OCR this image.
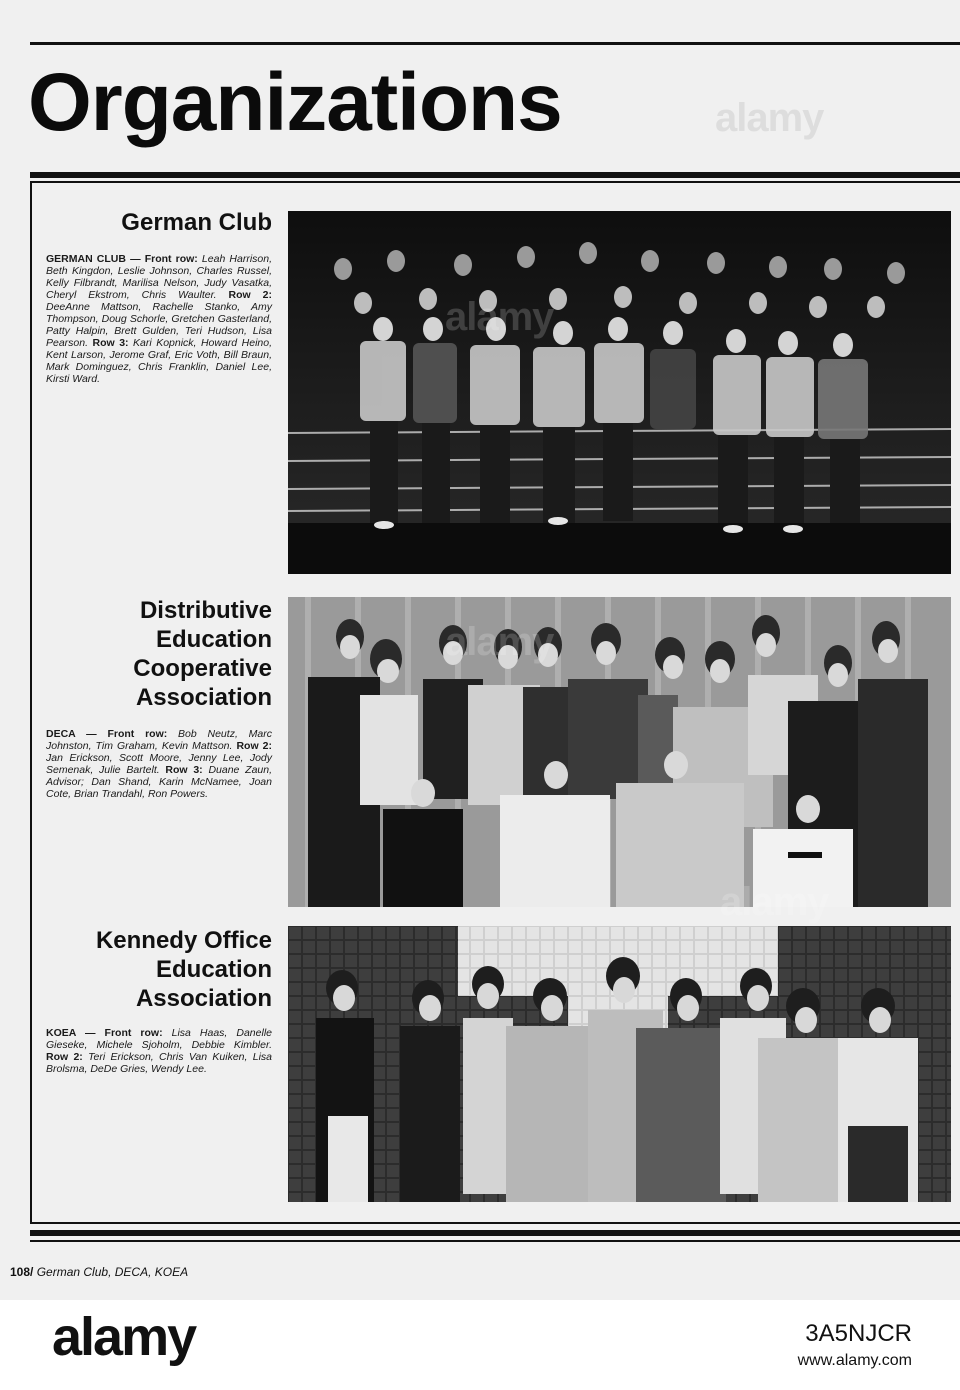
Organizations
German Club

GERMAN CLUB — Front row: Leah Harrison, Beth Kingdon, Leslie Johnson, Charles Russel, Kelly Filbrandt, Marilisa Nelson, Judy Vasatka, Cheryl Ekstrom, Chris Waulter. Row 2: DeeAnne Mattson, Rachelle Stanko, Amy Thompson, Doug Schorle, Gretchen Gasterland, Patty Halpin, Brett Gulden, Teri Hudson, Lisa Pearson. Row 3: Kari Kopnick, Howard Heino, Kent Larson, Jerome Graf, Eric Voth, Bill Braun, Mark Dominguez, Chris Franklin, Daniel Lee, Kirsti Ward.

Distributive Education Cooperative Association

DECA — Front row: Bob Neutz, Marc Johnston, Tim Graham, Kevin Mattson. Row 2: Jan Erickson, Scott Moore, Jenny Lee, Jody Semenak, Julie Bartelt. Row 3: Duane Zaun, Advisor; Dan Shand, Karin McNamee, Joan Cote, Brian Trandahl, Ron Powers.

Kennedy Office Education Association

KOEA — Front row: Lisa Haas, Danelle Gieseke, Michele Sjoholm, Debbie Kimbler. Row 2: Teri Erickson, Chris Van Kuiken, Lisa Brolsma, DeDe Gries, Wendy Lee.

alamy
alamy
alamy
alamy
108/ German Club, DECA, KOEA
alamy	3A5NJCR
www.alamy.com
